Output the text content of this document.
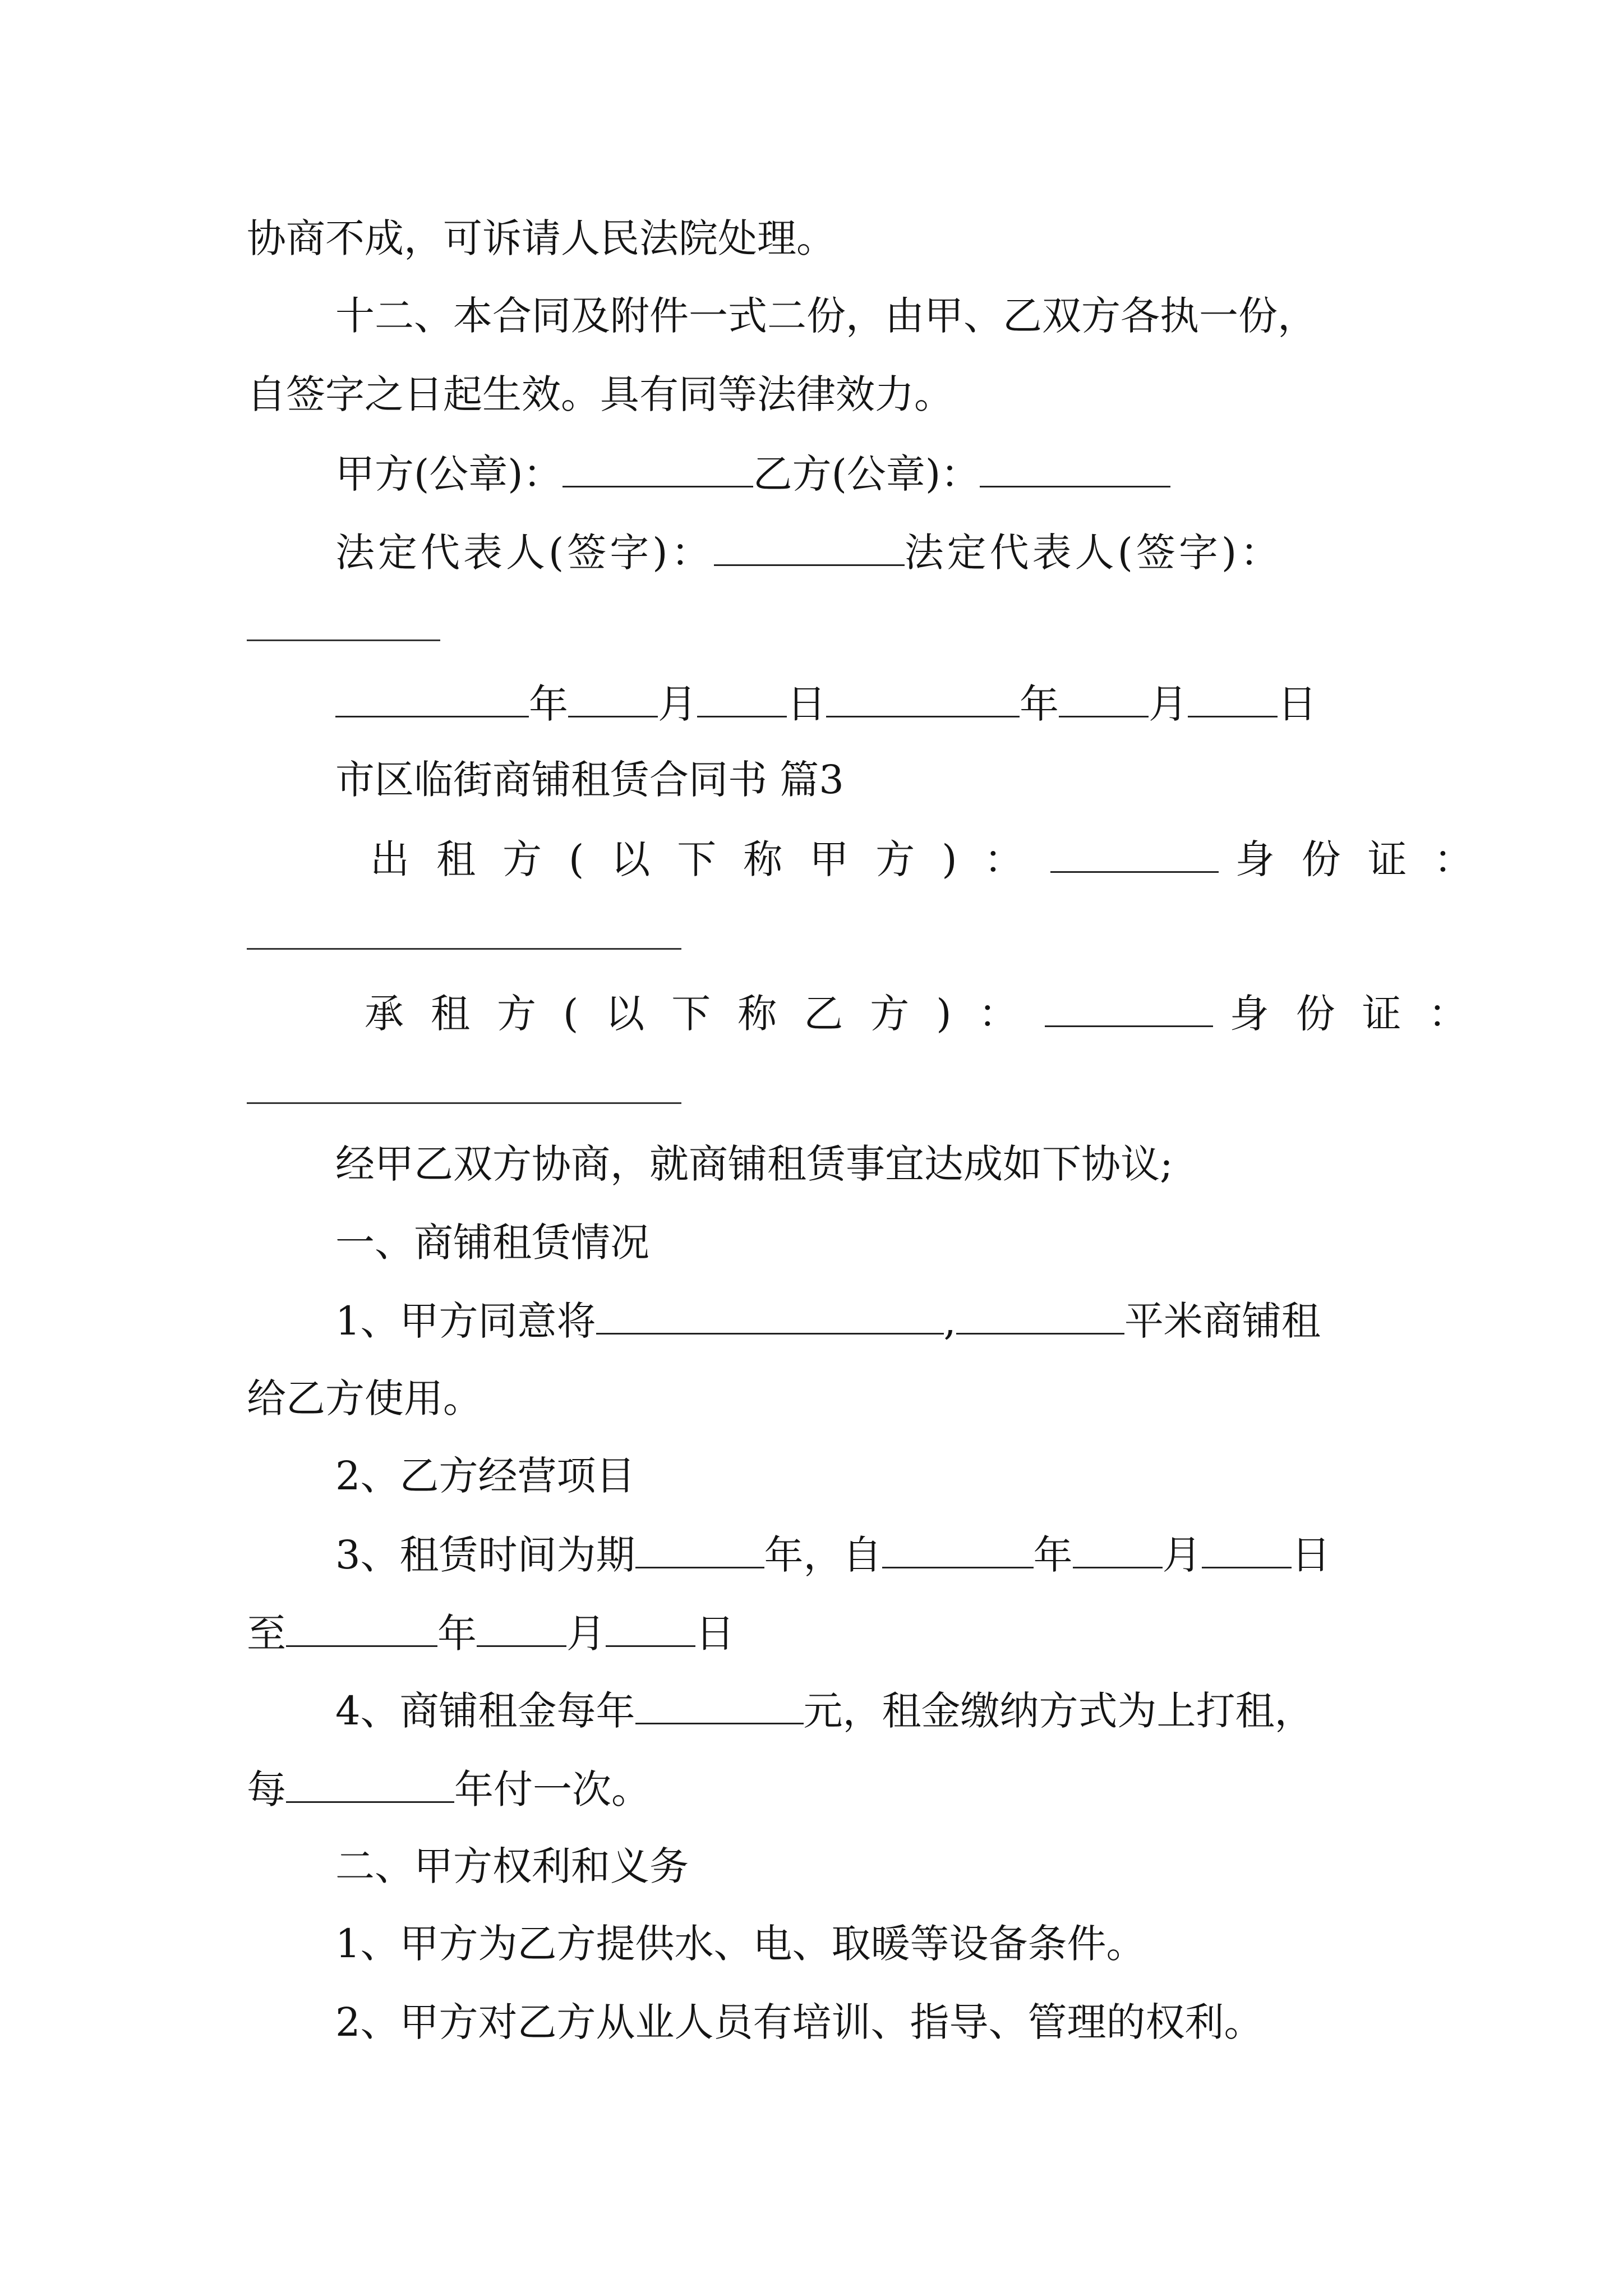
协商不成，可诉请人民法院处理。
十二、本合同及附件一式二份，由甲、乙双方各执一份，
自签字之日起生效。具有同等法律效力。
甲方(公章)：	乙方(公章)：
法定代表人(签字)：	法定代表人(签字)：
年 月 日	年 月 日
市区临街商铺租赁合同书 篇3
出租方(以下称甲方)：	身份证：
承租方(以下称乙方)：	身份证：
经甲乙双方协商，就商铺租赁事宜达成如下协议;
一、商铺租赁情况
1、甲方同意将	,	平米商铺租
给乙方使用。
2、乙方经营项目
3、租赁时间为期	年，自	年 月 日
至	年 月 日
4、商铺租金每年	元，租金缴纳方式为上打租，
每	年付一次。
二、甲方权利和义务
1、甲方为乙方提供水、电、取暖等设备条件。
2、甲方对乙方从业人员有培训、指导、管理的权利。
